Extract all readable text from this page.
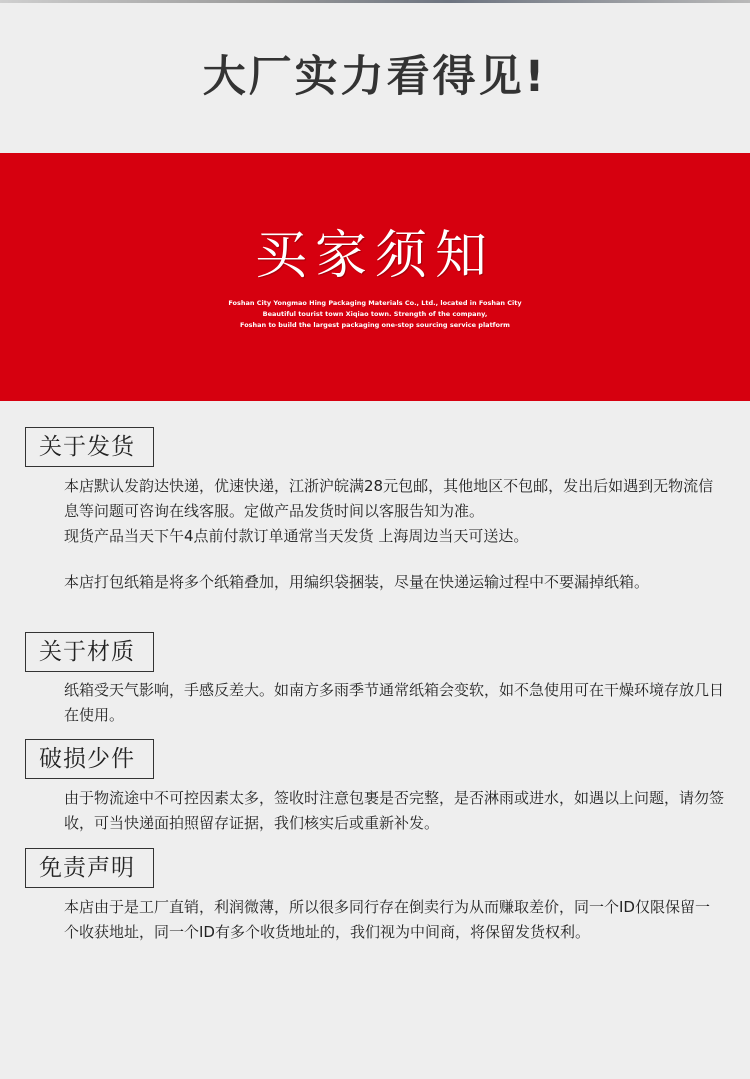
大厂实力看得见!
买家须知
Foshan City Yongmao Hing Packaging Materials Co., Ltd., located in Foshan City
Beautiful tourist town Xiqiao town. Strength of the company,
Foshan to build the largest packaging one-stop sourcing service platform
关于发货

本店默认发韵达快递，优速快递，江浙沪皖满28元包邮，其他地区不包邮，发出后如遇到无物流信息等问题可咨询在线客服。定做产品发货时间以客服告知为准。

现货产品当天下午4点前付款订单通常当天发货 上海周边当天可送达。

本店打包纸箱是将多个纸箱叠加，用编织袋捆装，尽量在快递运输过程中不要漏掉纸箱。

关于材质

纸箱受天气影响，手感反差大。如南方多雨季节通常纸箱会变软，如不急使用可在干燥环境存放几日在使用。

破损少件

由于物流途中不可控因素太多，签收时注意包裹是否完整，是否淋雨或进水，如遇以上问题，请勿签收，可当快递面拍照留存证据，我们核实后或重新补发。

免责声明

本店由于是工厂直销，利润微薄，所以很多同行存在倒卖行为从而赚取差价，同一个ID仅限保留一个收获地址，同一个ID有多个收货地址的，我们视为中间商，将保留发货权利。
